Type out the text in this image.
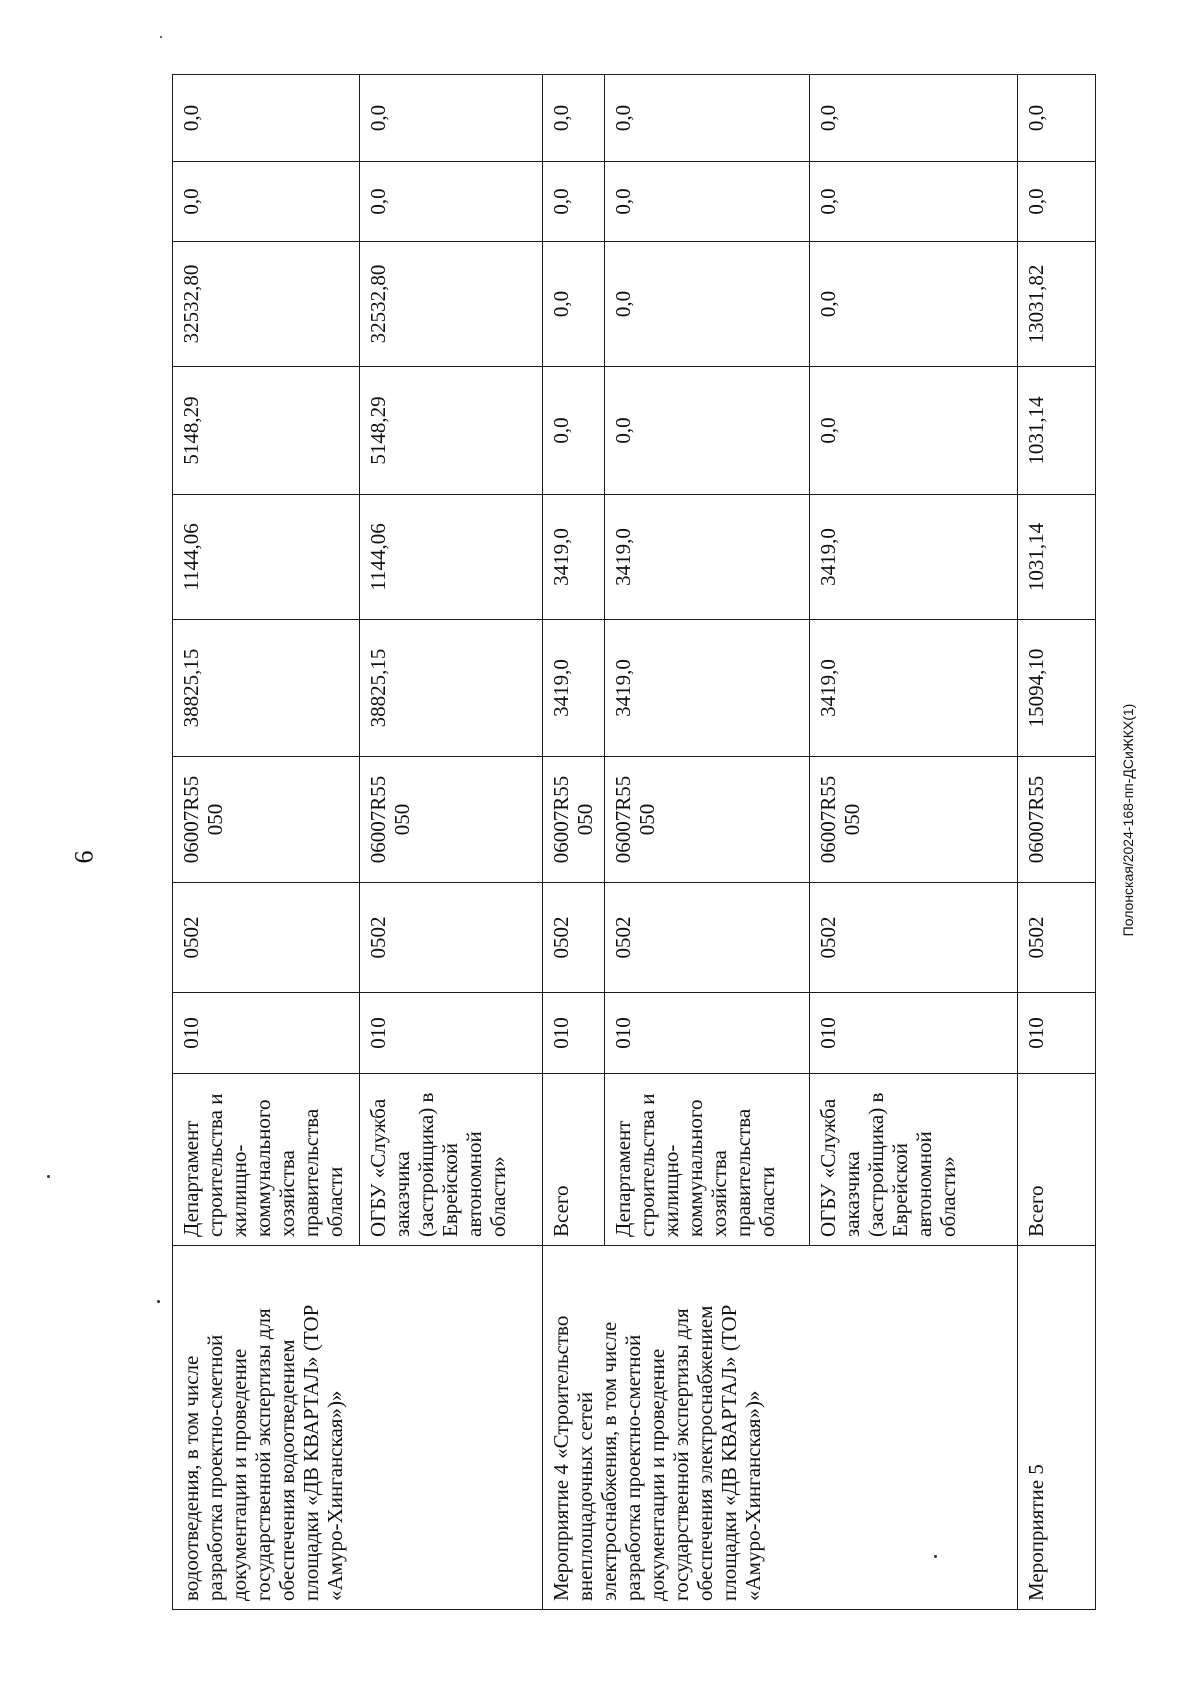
6
водоотведения, в том числе разработка проектно-сметной документации и проведение государственной экспертизы для обеспечения водоотведением площадки «ДВ КВАРТАЛ» (ТОР «Амуро-Хинганская»)»	Департамент строительства и жилищно-коммунального хозяйства правительства области	010	0502	06007R55 050	38825,15	1144,06	5148,29	32532,80	0,0	0,0
	ОГБУ «Служба заказчика (застройщика) в Еврейской автономной области»	010	0502	06007R55 050	38825,15	1144,06	5148,29	32532,80	0,0	0,0
Мероприятие 4 «Строительство внеплощадочных сетей электроснабжения, в том числе разработка проектно-сметной документации и проведение государственной экспертизы для обеспечения электроснабжением площадки «ДВ КВАРТАЛ» (ТОР «Амуро-Хинганская»)»	Всего	010	0502	06007R55 050	3419,0	3419,0	0,0	0,0	0,0	0,0
	Департамент строительства и жилищно-коммунального хозяйства правительства области	010	0502	06007R55 050	3419,0	3419,0	0,0	0,0	0,0	0,0
	ОГБУ «Служба заказчика (застройщика) в Еврейской автономной области»	010	0502	06007R55 050	3419,0	3419,0	0,0	0,0	0,0	0,0
Мероприятие 5	Всего	010	0502	06007R55	15094,10	1031,14	1031,14	13031,82	0,0	0,0
Полонская/2024-168-пп-ДСиЖКХ(1)
